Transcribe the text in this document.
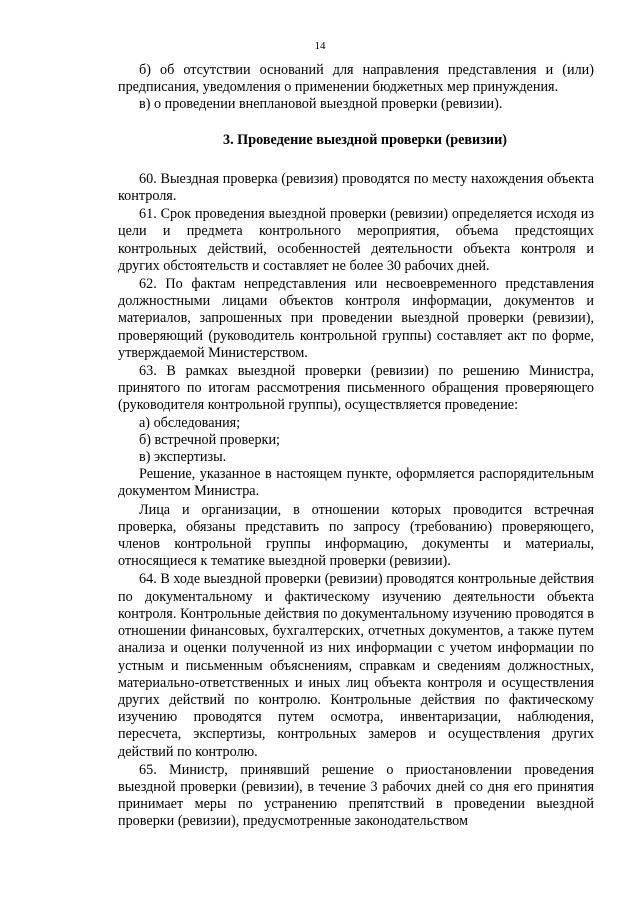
14

б) об отсутствии оснований для направления представления и (или) предписания, уведомления о применении бюджетных мер принуждения.

в) о проведении внеплановой выездной проверки (ревизии).

3. Проведение выездной проверки (ревизии)

60. Выездная проверка (ревизия) проводятся по месту нахождения объекта контроля.

61. Срок проведения выездной проверки (ревизии) определяется исходя из цели и предмета контрольного мероприятия, объема предстоящих контрольных действий, особенностей деятельности объекта контроля и других обстоятельств и составляет не более 30 рабочих дней.

62. По фактам непредставления или несвоевременного представления должностными лицами объектов контроля информации, документов и материалов, запрошенных при проведении выездной проверки (ревизии), проверяющий (руководитель контрольной группы) составляет акт по форме, утверждаемой Министерством.

63. В рамках выездной проверки (ревизии) по решению Министра, принятого по итогам рассмотрения письменного обращения проверяющего (руководителя контрольной группы), осуществляется проведение:

а) обследования;

б) встречной проверки;

в) экспертизы.

Решение, указанное в настоящем пункте, оформляется распорядительным документом Министра.

Лица и организации, в отношении которых проводится встречная проверка, обязаны представить по запросу (требованию) проверяющего, членов контрольной группы информацию, документы и материалы, относящиеся к тематике выездной проверки (ревизии).

64. В ходе выездной проверки (ревизии) проводятся контрольные действия по документальному и фактическому изучению деятельности объекта контроля. Контрольные действия по документальному изучению проводятся в отношении финансовых, бухгалтерских, отчетных документов, а также путем анализа и оценки полученной из них информации с учетом информации по устным и письменным объяснениям, справкам и сведениям должностных, материально-ответственных и иных лиц объекта контроля и осуществления других действий по контролю. Контрольные действия по фактическому изучению проводятся путем осмотра, инвентаризации, наблюдения, пересчета, экспертизы, контрольных замеров и осуществления других действий по контролю.

65. Министр, принявший решение о приостановлении проведения выездной проверки (ревизии), в течение 3 рабочих дней со дня его принятия принимает меры по устранению препятствий в проведении выездной проверки (ревизии), предусмотренные законодательством
